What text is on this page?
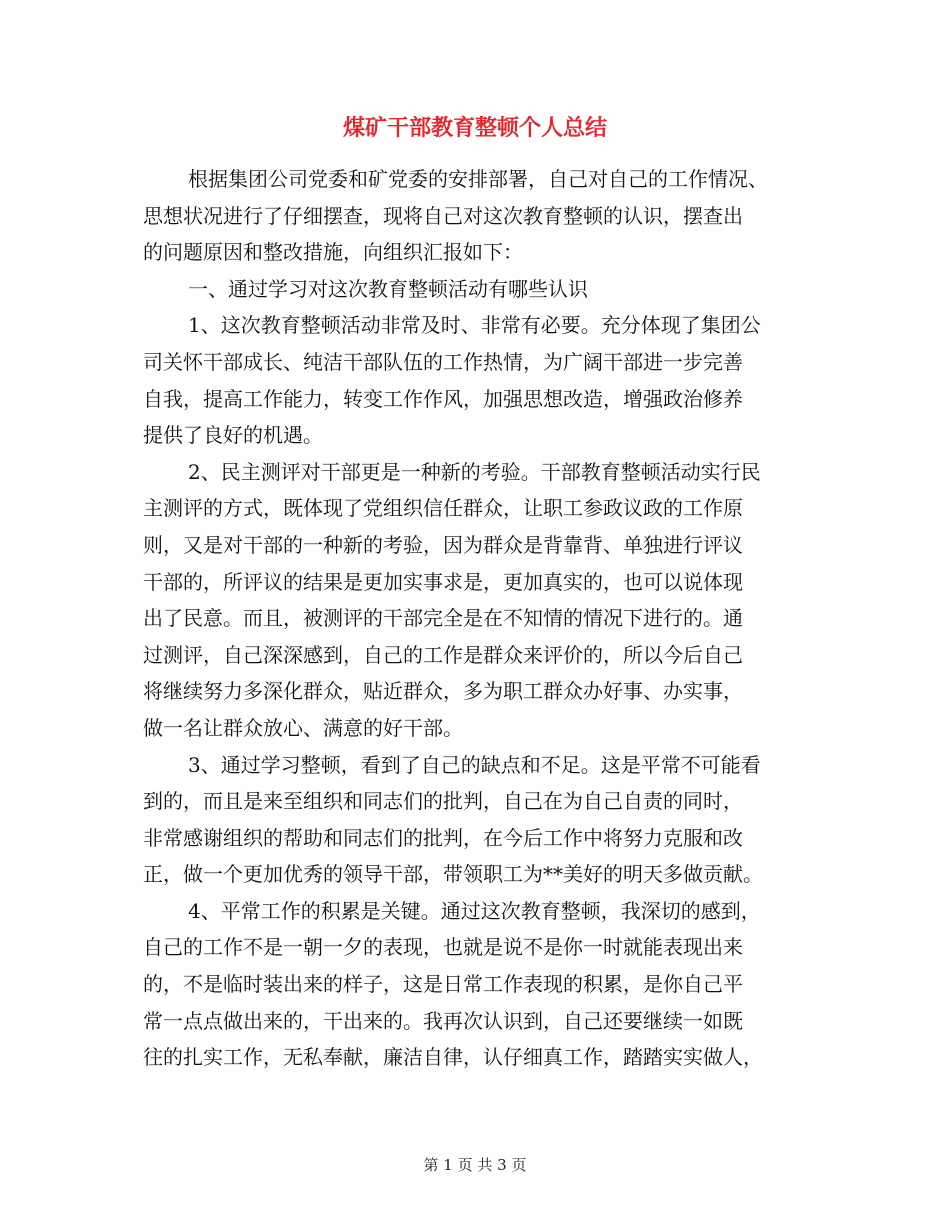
煤矿干部教育整顿个人总结
根据集团公司党委和矿党委的安排部署，自己对自己的工作情况、
思想状况进行了仔细摆查，现将自己对这次教育整顿的认识，摆查出
的问题原因和整改措施，向组织汇报如下：
一、通过学习对这次教育整顿活动有哪些认识
1、这次教育整顿活动非常及时、非常有必要。充分体现了集团公
司关怀干部成长、纯洁干部队伍的工作热情，为广阔干部进一步完善
自我，提高工作能力，转变工作作风，加强思想改造，增强政治修养
提供了良好的机遇。
2、民主测评对干部更是一种新的考验。干部教育整顿活动实行民
主测评的方式，既体现了党组织信任群众，让职工参政议政的工作原
则，又是对干部的一种新的考验，因为群众是背靠背、单独进行评议
干部的，所评议的结果是更加实事求是，更加真实的，也可以说体现
出了民意。而且，被测评的干部完全是在不知情的情况下进行的。通
过测评，自己深深感到，自己的工作是群众来评价的，所以今后自己
将继续努力多深化群众，贴近群众，多为职工群众办好事、办实事，
做一名让群众放心、满意的好干部。
3、通过学习整顿，看到了自己的缺点和不足。这是平常不可能看
到的，而且是来至组织和同志们的批判，自己在为自己自责的同时，
非常感谢组织的帮助和同志们的批判，在今后工作中将努力克服和改
正，做一个更加优秀的领导干部，带领职工为**美好的明天多做贡献。
4、平常工作的积累是关键。通过这次教育整顿，我深切的感到，
自己的工作不是一朝一夕的表现，也就是说不是你一时就能表现出来
的，不是临时装出来的样子，这是日常工作表现的积累，是你自己平
常一点点做出来的，干出来的。我再次认识到，自己还要继续一如既
往的扎实工作，无私奉献，廉洁自律，认仔细真工作，踏踏实实做人，
第 1 页 共 3 页
